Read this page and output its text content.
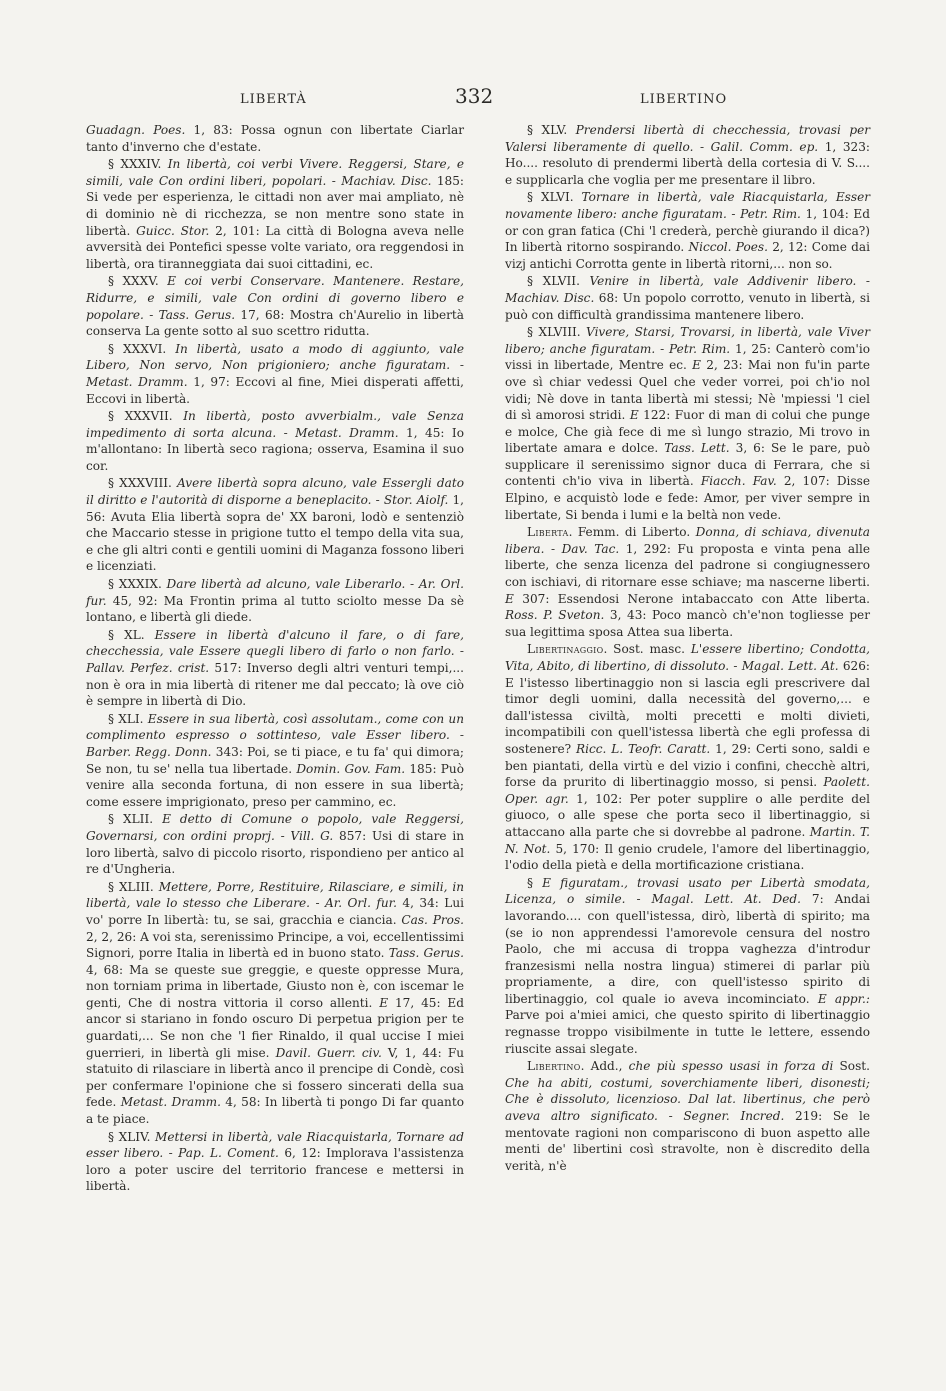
LIBERTÀ	332	LIBERTINO

Guadagn. Poes. 1, 83: Possa ognun con libertate Ciarlar tanto d'inverno che d'estate.

§ XXXIV. In libertà, coi verbi Vivere. Reggersi, Stare, e simili, vale Con ordini liberi, popolari. - Machiav. Disc. 185: Si vede per esperienza, le cittadi non aver mai ampliato, nè di dominio nè di ricchezza, se non mentre sono state in libertà. Guicc. Stor. 2, 101: La città di Bologna aveva nelle avversità dei Pontefici spesse volte variato, ora reggendosi in libertà, ora tiranneggiata dai suoi cittadini, ec.

§ XXXV. E coi verbi Conservare. Mantenere. Restare, Ridurre, e simili, vale Con ordini di governo libero e popolare. - Tass. Gerus. 17, 68: Mostra ch'Aurelio in libertà conserva La gente sotto al suo scettro ridutta.

§ XXXVI. In libertà, usato a modo di aggiunto, vale Libero, Non servo, Non prigioniero; anche figuratam. - Metast. Dramm. 1, 97: Eccovi al fine, Miei disperati affetti, Eccovi in libertà.

§ XXXVII. In libertà, posto avverbialm., vale Senza impedimento di sorta alcuna. - Metast. Dramm. 1, 45: Io m'allontano: In libertà seco ragiona; osserva, Esamina il suo cor.

§ XXXVIII. Avere libertà sopra alcuno, vale Essergli dato il diritto e l'autorità di disporne a beneplacito. - Stor. Aiolf. 1, 56: Avuta Elia libertà sopra de' XX baroni, lodò e sentenziò che Maccario stesse in prigione tutto el tempo della vita sua, e che gli altri conti e gentili uomini di Maganza fossono liberi e licenziati.

§ XXXIX. Dare libertà ad alcuno, vale Liberarlo. - Ar. Orl. fur. 45, 92: Ma Frontin prima al tutto sciolto messe Da sè lontano, e libertà gli diede.

§ XL. Essere in libertà d'alcuno il fare, o di fare, checchessia, vale Essere quegli libero di farlo o non farlo. - Pallav. Perfez. crist. 517: Inverso degli altri venturi tempi,... non è ora in mia libertà di ritener me dal peccato; là ove ciò è sempre in libertà di Dio.

§ XLI. Essere in sua libertà, così assolutam., come con un complimento espresso o sottinteso, vale Esser libero. - Barber. Regg. Donn. 343: Poi, se ti piace, e tu fa' qui dimora; Se non, tu se' nella tua libertade. Domin. Gov. Fam. 185: Può venire alla seconda fortuna, di non essere in sua libertà; come essere imprigionato, preso per cammino, ec.

§ XLII. E detto di Comune o popolo, vale Reggersi, Governarsi, con ordini proprj. - Vill. G. 857: Usi di stare in loro libertà, salvo di piccolo risorto, rispondieno per antico al re d'Ungheria.

§ XLIII. Mettere, Porre, Restituire, Rilasciare, e simili, in libertà, vale lo stesso che Liberare. - Ar. Orl. fur. 4, 34: Lui vo' porre In libertà: tu, se sai, gracchia e ciancia. Cas. Pros. 2, 2, 26: A voi sta, serenissimo Principe, a voi, eccellentissimi Signori, porre Italia in libertà ed in buono stato. Tass. Gerus. 4, 68: Ma se queste sue greggie, e queste oppresse Mura, non torniam prima in libertade, Giusto non è, con iscemar le genti, Che di nostra vittoria il corso allenti. E 17, 45: Ed ancor si stariano in fondo oscuro Di perpetua prigion per te guardati,... Se non che 'l fier Rinaldo, il qual uccise I miei guerrieri, in libertà gli mise. Davil. Guerr. civ. V, 1, 44: Fu statuito di rilasciare in libertà anco il prencipe di Condè, così per confermare l'opinione che si fossero sincerati della sua fede. Metast. Dramm. 4, 58: In libertà ti pongo Di far quanto a te piace.

§ XLIV. Mettersi in libertà, vale Riacquistarla, Tornare ad esser libero. - Pap. L. Coment. 6, 12: Implorava l'assistenza loro a poter uscire del territorio francese e mettersi in libertà.

§ XLV. Prendersi libertà di checchessia, trovasi per Valersi liberamente di quello. - Galil. Comm. ep. 1, 323: Ho.... resoluto di prendermi libertà della cortesia di V. S.... e supplicarla che voglia per me presentare il libro.

§ XLVI. Tornare in libertà, vale Riacquistarla, Esser novamente libero: anche figuratam. - Petr. Rim. 1, 104: Ed or con gran fatica (Chi 'l crederà, perchè giurando il dica?) In libertà ritorno sospirando. Niccol. Poes. 2, 12: Come dai vizj antichi Corrotta gente in libertà ritorni,... non so.

§ XLVII. Venire in libertà, vale Addivenir libero. - Machiav. Disc. 68: Un popolo corrotto, venuto in libertà, si può con difficultà grandissima mantenere libero.

§ XLVIII. Vivere, Starsi, Trovarsi, in libertà, vale Viver libero; anche figuratam. - Petr. Rim. 1, 25: Canterò com'io vissi in libertade, Mentre ec. E 2, 23: Mai non fu'in parte ove sì chiar vedessi Quel che veder vorrei, poi ch'io nol vidi; Nè dove in tanta libertà mi stessi; Nè 'mpiessi 'l ciel di sì amorosi stridi. E 122: Fuor di man di colui che punge e molce, Che già fece di me sì lungo strazio, Mi trovo in libertate amara e dolce. Tass. Lett. 3, 6: Se le pare, può supplicare il serenissimo signor duca di Ferrara, che si contenti ch'io viva in libertà. Fiacch. Fav. 2, 107: Disse Elpino, e acquistò lode e fede: Amor, per viver sempre in libertate, Si benda i lumi e la beltà non vede.

Liberta. Femm. di Liberto. Donna, di schiava, divenuta libera. - Dav. Tac. 1, 292: Fu proposta e vinta pena alle liberte, che senza licenza del padrone si congiugnessero con ischiavi, di ritornare esse schiave; ma nascerne liberti. E 307: Essendosi Nerone intabaccato con Atte liberta. Ross. P. Sveton. 3, 43: Poco mancò ch'e'non togliesse per sua legittima sposa Attea sua liberta.

Libertinaggio. Sost. masc. L'essere libertino; Condotta, Vita, Abito, di libertino, di dissoluto. - Magal. Lett. At. 626: E l'istesso libertinaggio non si lascia egli prescrivere dal timor degli uomini, dalla necessità del governo,... e dall'istessa civiltà, molti precetti e molti divieti, incompatibili con quell'istessa libertà che egli professa di sostenere? Ricc. L. Teofr. Caratt. 1, 29: Certi sono, saldi e ben piantati, della virtù e del vizio i confini, checchè altri, forse da prurito di libertinaggio mosso, si pensi. Paolett. Oper. agr. 1, 102: Per poter supplire o alle perdite del giuoco, o alle spese che porta seco il libertinaggio, si attaccano alla parte che si dovrebbe al padrone. Martin. T. N. Not. 5, 170: Il genio crudele, l'amore del libertinaggio, l'odio della pietà e della mortificazione cristiana.

§ E figuratam., trovasi usato per Libertà smodata, Licenza, o simile. - Magal. Lett. At. Ded. 7: Andai lavorando.... con quell'istessa, dirò, libertà di spirito; ma (se io non apprendessi l'amorevole censura del nostro Paolo, che mi accusa di troppa vaghezza d'introdur franzesismi nella nostra lingua) stimerei di parlar più propriamente, a dire, con quell'istesso spirito di libertinaggio, col quale io aveva incominciato. E appr.: Parve poi a'miei amici, che questo spirito di libertinaggio regnasse troppo visibilmente in tutte le lettere, essendo riuscite assai slegate.

Libertino. Add., che più spesso usasi in forza di Sost. Che ha abiti, costumi, soverchiamente liberi, disonesti; Che è dissoluto, licenzioso. Dal lat. libertinus, che però aveva altro significato. - Segner. Incred. 219: Se le mentovate ragioni non compariscono di buon aspetto alle menti de' libertini così stravolte, non è discredito della verità, n'è
